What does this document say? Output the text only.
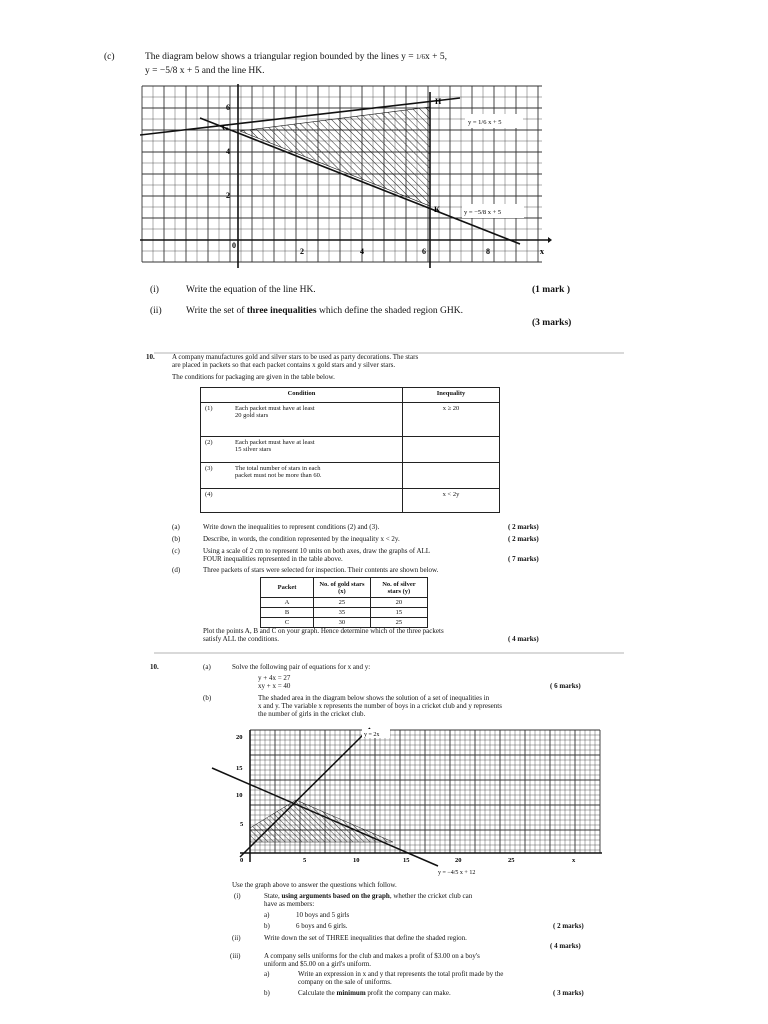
(c)	The diagram below shows a triangular region bounded by the lines y = 1/6x + 5,
y = −5/8 x + 5 and the line HK.
6
4
2
0
2	4	6	8	x
H
G
K
y = 1/6 x + 5
y = −5/8 x + 5
(i)	Write the equation of the line HK.	(1 mark )
(ii)	Write the set of three inequalities which define the shaded region GHK.
(3 marks)
10. A company manufactures gold and silver stars to be used as party decorations. The stars
are placed in packets so that each packet contains x gold stars and y silver stars.
The conditions for packaging are given in the table below.
Condition		Inequality
(1)	Each packet must have at least
20 gold stars	x ≥ 20
(2)	Each packet must have at least
15 silver stars	

(3)	The total number of stars in each
packet must not be more than 60.	

(4)		x < 2y
(a)	Write down the inequalities to represent conditions (2) and (3).	( 2 marks)
(b)	Describe, in words, the condition represented by the inequality x < 2y.	( 2 marks)
(c)	Using a scale of 2 cm to represent 10 units on both axes, draw the graphs of ALL
FOUR inequalities represented in the table above.	( 7 marks)
(d)	Three packets of stars were selected for inspection. Their contents are shown below.
Packet	No. of gold stars (x)	No. of silver stars (y)
A	25	20
B	35	15
C	30	25
Plot the points A, B and C on your graph. Hence determine which of the three packets
satisfy ALL the conditions.	( 4 marks)
10.	(a)	Solve the following pair of equations for x and y:
y + 4x = 27
xy + x = 40	( 6 marks)
(b)	The shaded area in the diagram below shows the solution of a set of inequalities in
x and y. The variable x represents the number of boys in a cricket club and y represents
the number of girls in the cricket club.
20
15
10
5
0	5	10	15	20	25	x
y = 2x
y = −4/5 x + 12
Use the graph above to answer the questions which follow.
(i)	State, using arguments based on the graph, whether the cricket club can
have as members:
a)	10 boys and 5 girls
b)	6 boys and 6 girls.	( 2 marks)
(ii)	Write down the set of THREE inequalities that define the shaded region.
( 4 marks)
(iii)	A company sells uniforms for the club and makes a profit of $3.00 on a boy's
uniform and $5.00 on a girl's uniform.
a)	Write an expression in x and y that represents the total profit made by the
company on the sale of uniforms.
b)	Calculate the minimum profit the company can make.	( 3 marks)
